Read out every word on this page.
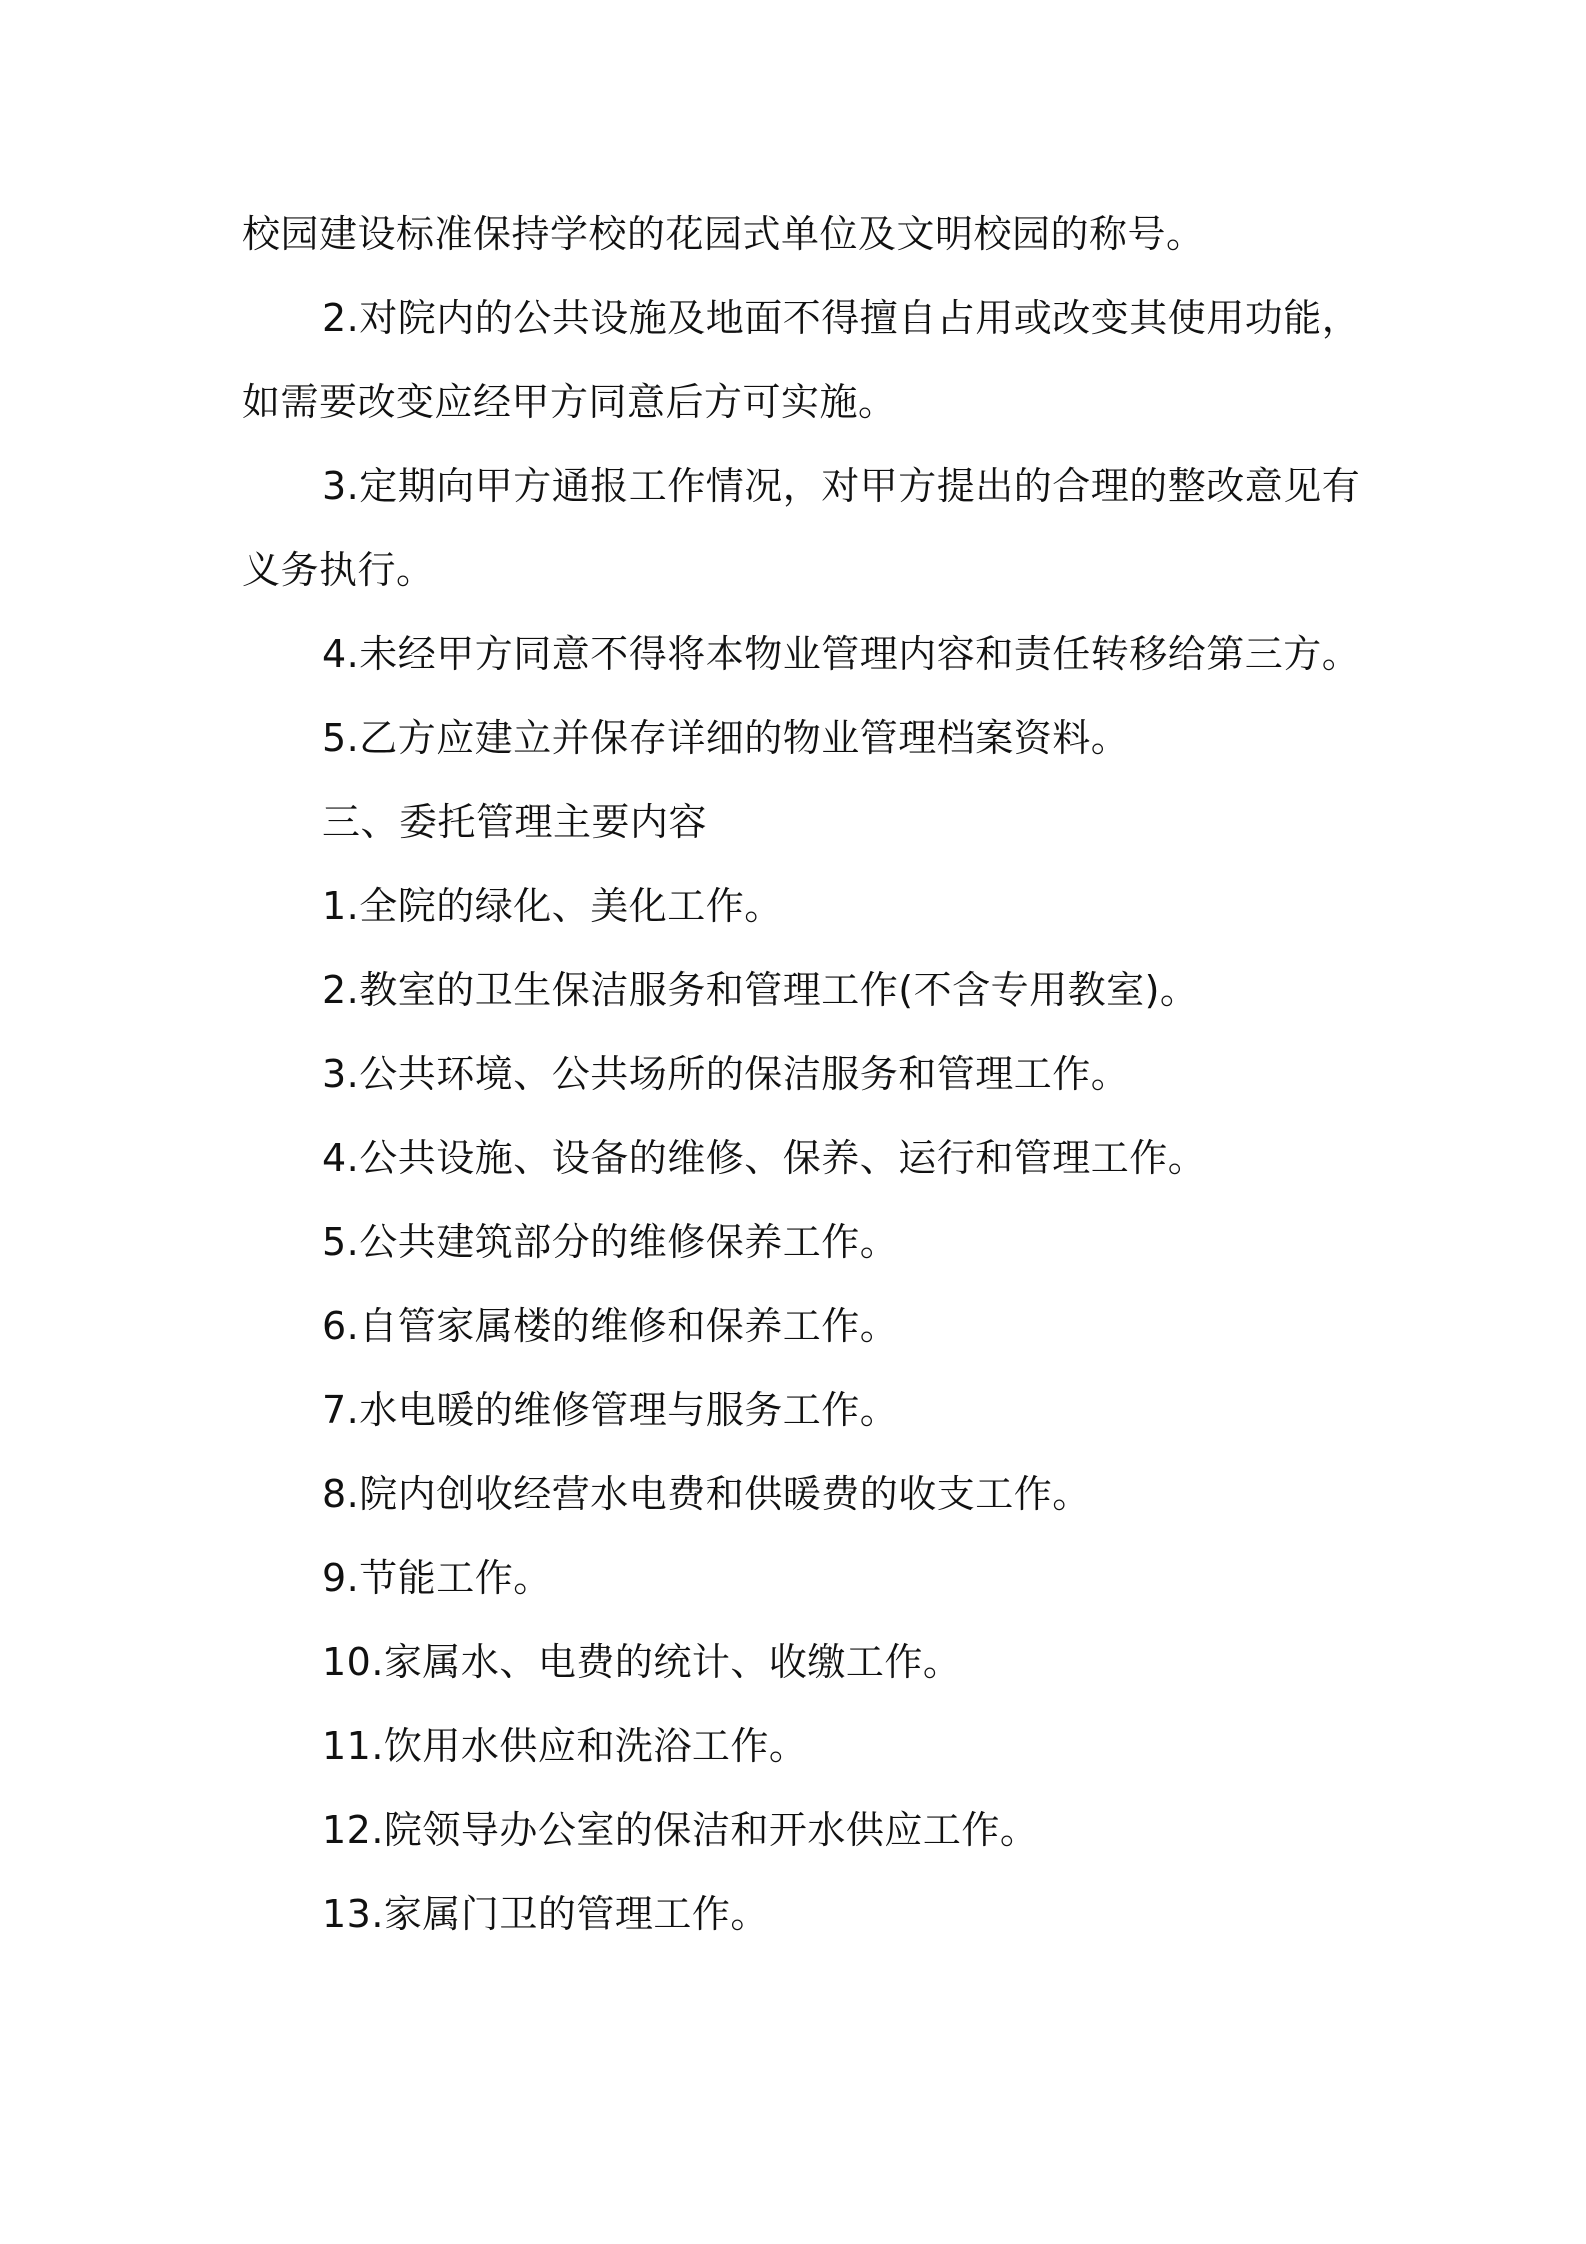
校园建设标准保持学校的花园式单位及文明校园的称号。

2.对院内的公共设施及地面不得擅自占用或改变其使用功能，如需要改变应经甲方同意后方可实施。

3.定期向甲方通报工作情况，对甲方提出的合理的整改意见有义务执行。

4.未经甲方同意不得将本物业管理内容和责任转移给第三方。

5.乙方应建立并保存详细的物业管理档案资料。

三、委托管理主要内容

1.全院的绿化、美化工作。

2.教室的卫生保洁服务和管理工作(不含专用教室)。

3.公共环境、公共场所的保洁服务和管理工作。

4.公共设施、设备的维修、保养、运行和管理工作。

5.公共建筑部分的维修保养工作。

6.自管家属楼的维修和保养工作。

7.水电暖的维修管理与服务工作。

8.院内创收经营水电费和供暖费的收支工作。

9.节能工作。

10.家属水、电费的统计、收缴工作。

11.饮用水供应和洗浴工作。

12.院领导办公室的保洁和开水供应工作。

13.家属门卫的管理工作。
